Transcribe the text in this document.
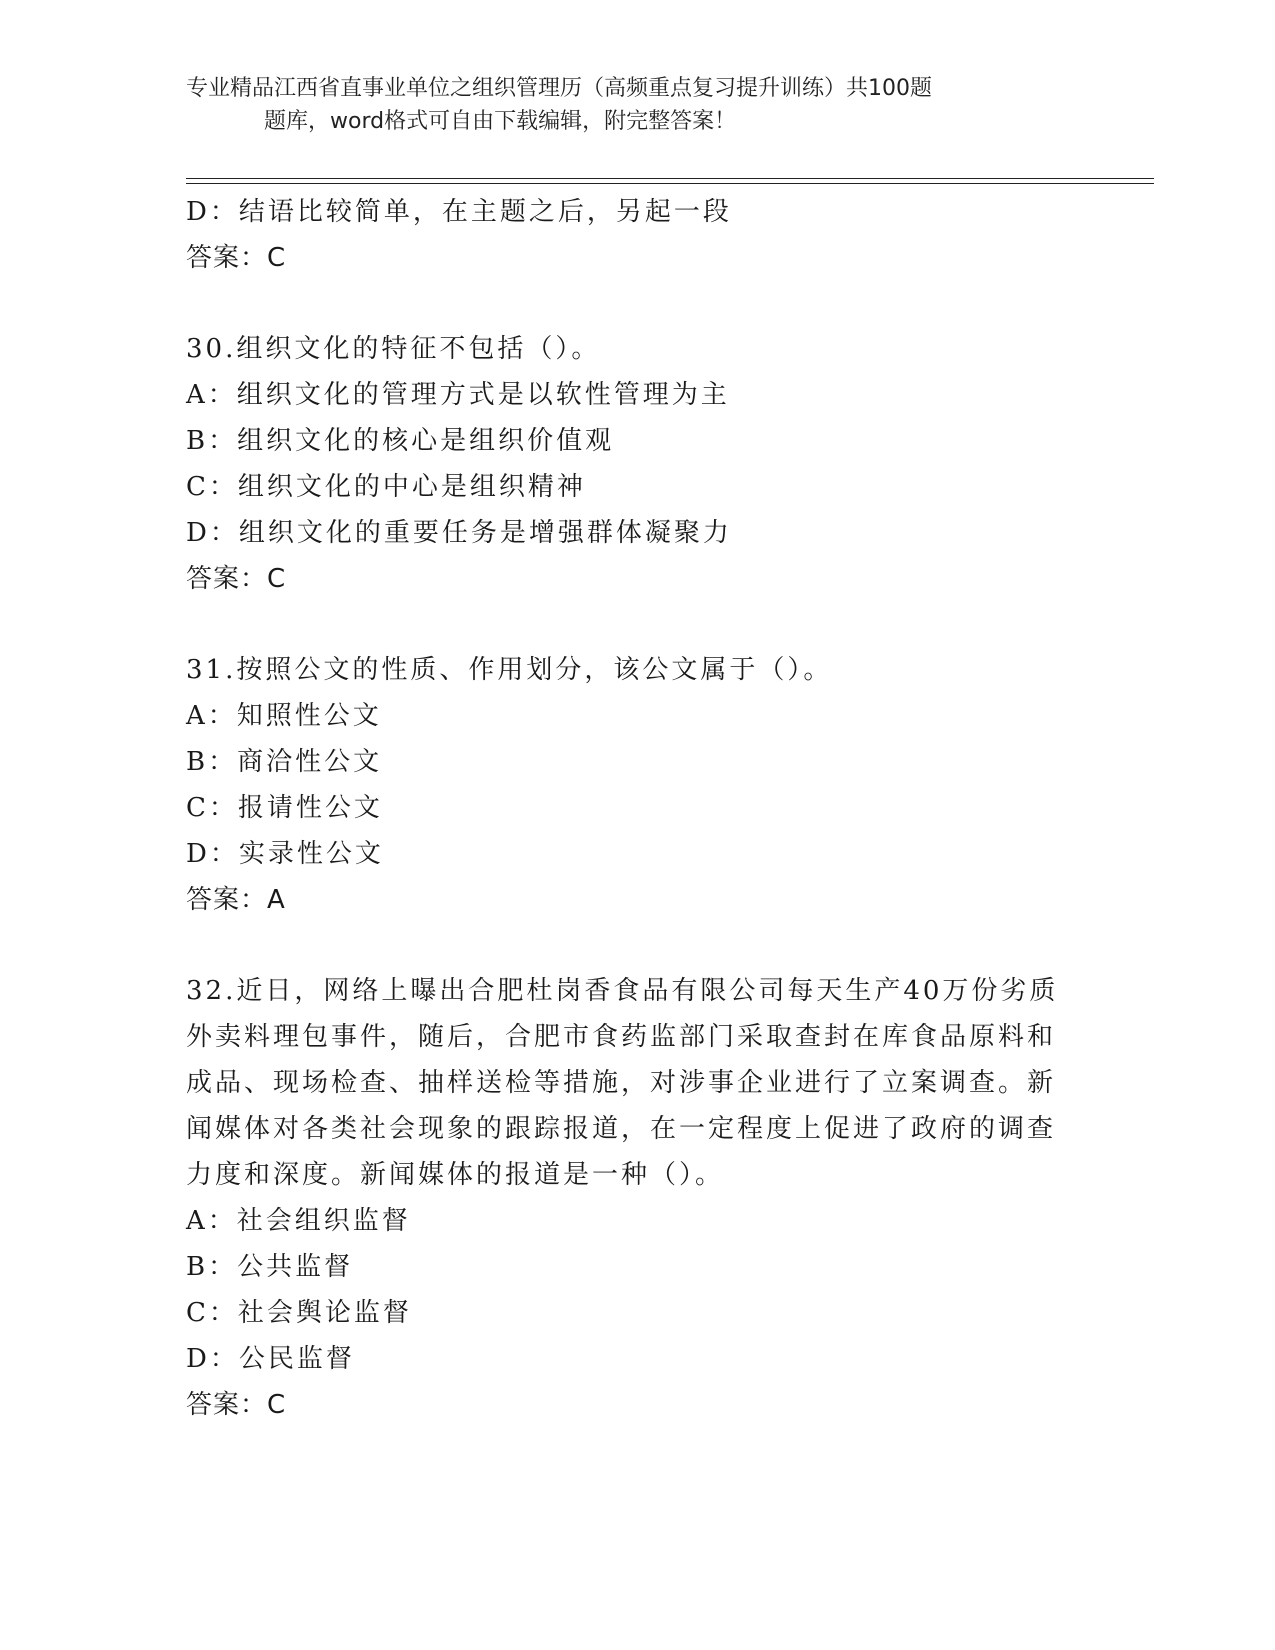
专业精品江西省直事业单位之组织管理历（高频重点复习提升训练）共100题
题库，word格式可自由下载编辑，附完整答案！
D：结语比较简单，在主题之后，另起一段
答案：C
30.组织文化的特征不包括（）。
A：组织文化的管理方式是以软性管理为主
B：组织文化的核心是组织价值观
C：组织文化的中心是组织精神
D：组织文化的重要任务是增强群体凝聚力
答案：C
31.按照公文的性质、作用划分，该公文属于（）。
A：知照性公文
B：商洽性公文
C：报请性公文
D：实录性公文
答案：A
32.近日，网络上曝出合肥杜岗香食品有限公司每天生产40万份劣质
外卖料理包事件，随后，合肥市食药监部门采取查封在库食品原料和
成品、现场检查、抽样送检等措施，对涉事企业进行了立案调查。新
闻媒体对各类社会现象的跟踪报道，在一定程度上促进了政府的调查
力度和深度。新闻媒体的报道是一种（）。
A：社会组织监督
B：公共监督
C：社会舆论监督
D：公民监督
答案：C
